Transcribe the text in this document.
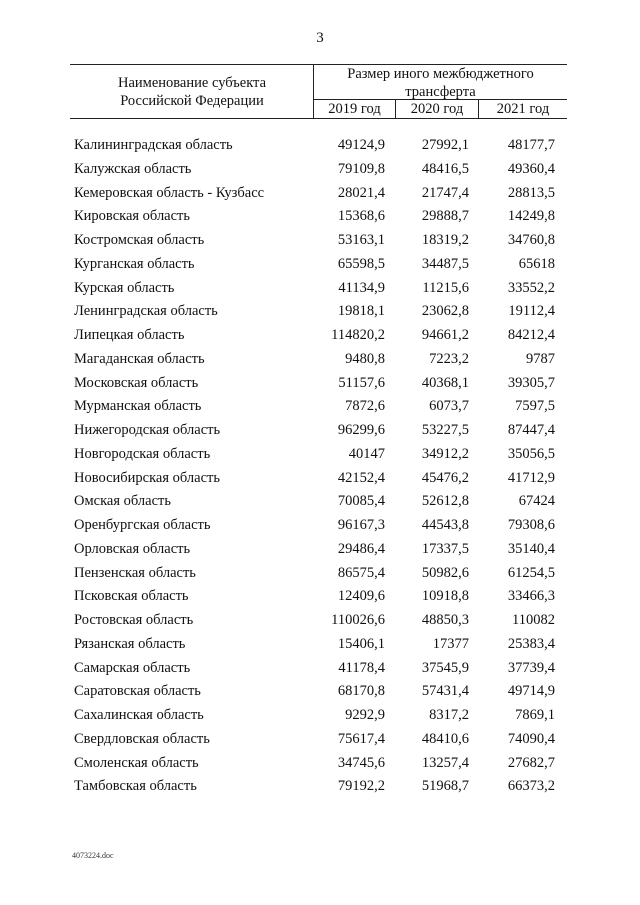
3
Наименование субъекта
Российской Федерации
Размер иного межбюджетного
трансферта
2019 год	2020 год	2021 год
Калининградская область	49124,9	27992,1	48177,7
Калужская область	79109,8	48416,5	49360,4
Кемеровская область - Кузбасс	28021,4	21747,4	28813,5
Кировская область	15368,6	29888,7	14249,8
Костромская область	53163,1	18319,2	34760,8
Курганская область	65598,5	34487,5	65618
Курская область	41134,9	11215,6	33552,2
Ленинградская область	19818,1	23062,8	19112,4
Липецкая область	114820,2	94661,2	84212,4
Магаданская область	9480,8	7223,2	9787
Московская область	51157,6	40368,1	39305,7
Мурманская область	7872,6	6073,7	7597,5
Нижегородская область	96299,6	53227,5	87447,4
Новгородская область	40147	34912,2	35056,5
Новосибирская область	42152,4	45476,2	41712,9
Омская область	70085,4	52612,8	67424
Оренбургская область	96167,3	44543,8	79308,6
Орловская область	29486,4	17337,5	35140,4
Пензенская область	86575,4	50982,6	61254,5
Псковская область	12409,6	10918,8	33466,3
Ростовская область	110026,6	48850,3	110082
Рязанская область	15406,1	17377	25383,4
Самарская область	41178,4	37545,9	37739,4
Саратовская область	68170,8	57431,4	49714,9
Сахалинская область	9292,9	8317,2	7869,1
Свердловская область	75617,4	48410,6	74090,4
Смоленская область	34745,6	13257,4	27682,7
Тамбовская область	79192,2	51968,7	66373,2
4073224.doc
